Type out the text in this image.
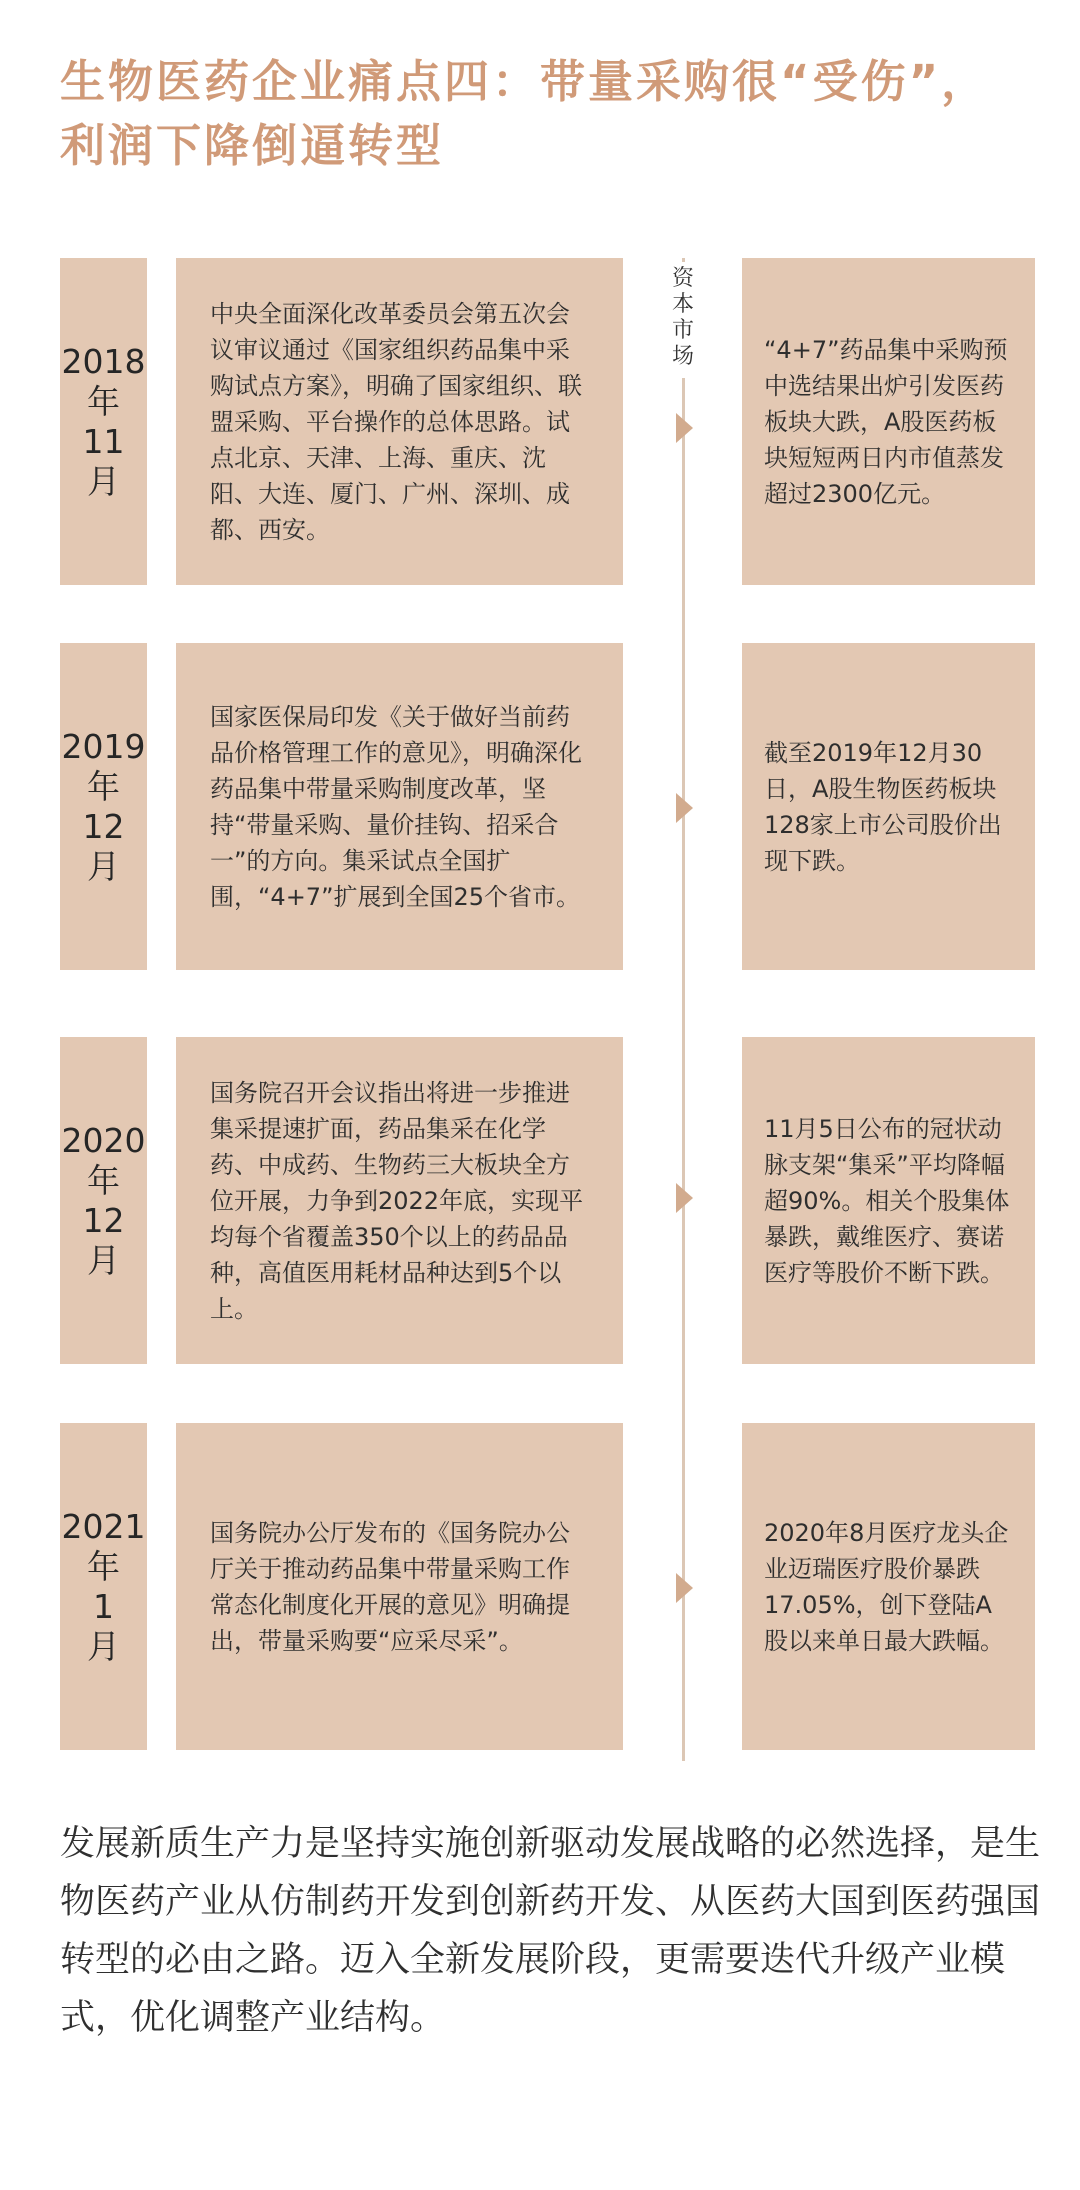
生物医药企业痛点四：带量采购很“受伤”，
利润下降倒逼转型
资
本
市
场
2018
年
11
月
中央全面深化改革委员会第五次会议审议通过《国家组织药品集中采购试点方案》，明确了国家组织、联盟采购、平台操作的总体思路。试点北京、天津、上海、重庆、沈阳、大连、厦门、广州、深圳、成都、西安。
“4+7”药品集中采购预中选结果出炉引发医药板块大跌，A股医药板块短短两日内市值蒸发超过2300亿元。
2019
年
12
月
国家医保局印发《关于做好当前药品价格管理工作的意见》，明确深化药品集中带量采购制度改革，坚持“带量采购、量价挂钩、招采合一”的方向。集采试点全国扩围，“4+7”扩展到全国25个省市。
截至2019年12月30日，A股生物医药板块128家上市公司股价出现下跌。
2020
年
12
月
国务院召开会议指出将进一步推进集采提速扩面，药品集采在化学药、中成药、生物药三大板块全方位开展，力争到2022年底，实现平均每个省覆盖350个以上的药品品种，高值医用耗材品种达到5个以上。
11月5日公布的冠状动脉支架“集采”平均降幅超90%。相关个股集体暴跌，戴维医疗、赛诺医疗等股价不断下跌。
2021
年
1
月
国务院办公厅发布的《国务院办公厅关于推动药品集中带量采购工作常态化制度化开展的意见》明确提出，带量采购要“应采尽采”。
2020年8月医疗龙头企业迈瑞医疗股价暴跌17.05%，创下登陆A股以来单日最大跌幅。
发展新质生产力是坚持实施创新驱动发展战略的必然选择，是生物医药产业从仿制药开发到创新药开发、从医药大国到医药强国转型的必由之路。迈入全新发展阶段，更需要迭代升级产业模式，优化调整产业结构。
